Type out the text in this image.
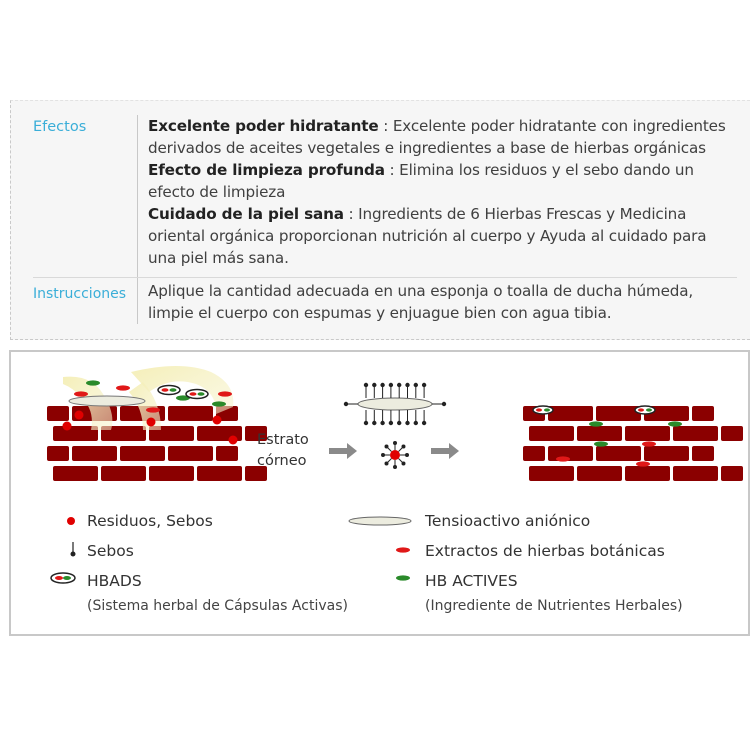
Efectos	Excelente poder hidratante : Excelente poder hidratante con ingredientes derivados de aceites vegetales e ingredientes a base de hierbas orgánicas

Efecto de limpieza profunda : Elimina los residuos y el sebo dando un efecto de limpieza

Cuidado de la piel sana : Ingredients de 6 Hierbas Frescas y Medicina oriental orgánica proporcionan nutrición al cuerpo y Ayuda al cuidado para una piel más sana.

Instrucciones	Aplique la cantidad adecuada en una esponja o toalla de ducha húmeda, limpie el cuerpo con espumas y enjuague bien con agua tibia.

Estrato
córneo
Residuos, Sebos
Sebos
HBADS
(Sistema herbal de Cápsulas Activas)
Tensioactivo aniónico
Extractos de hierbas botánicas
HB ACTIVES
(Ingrediente de Nutrientes Herbales)
